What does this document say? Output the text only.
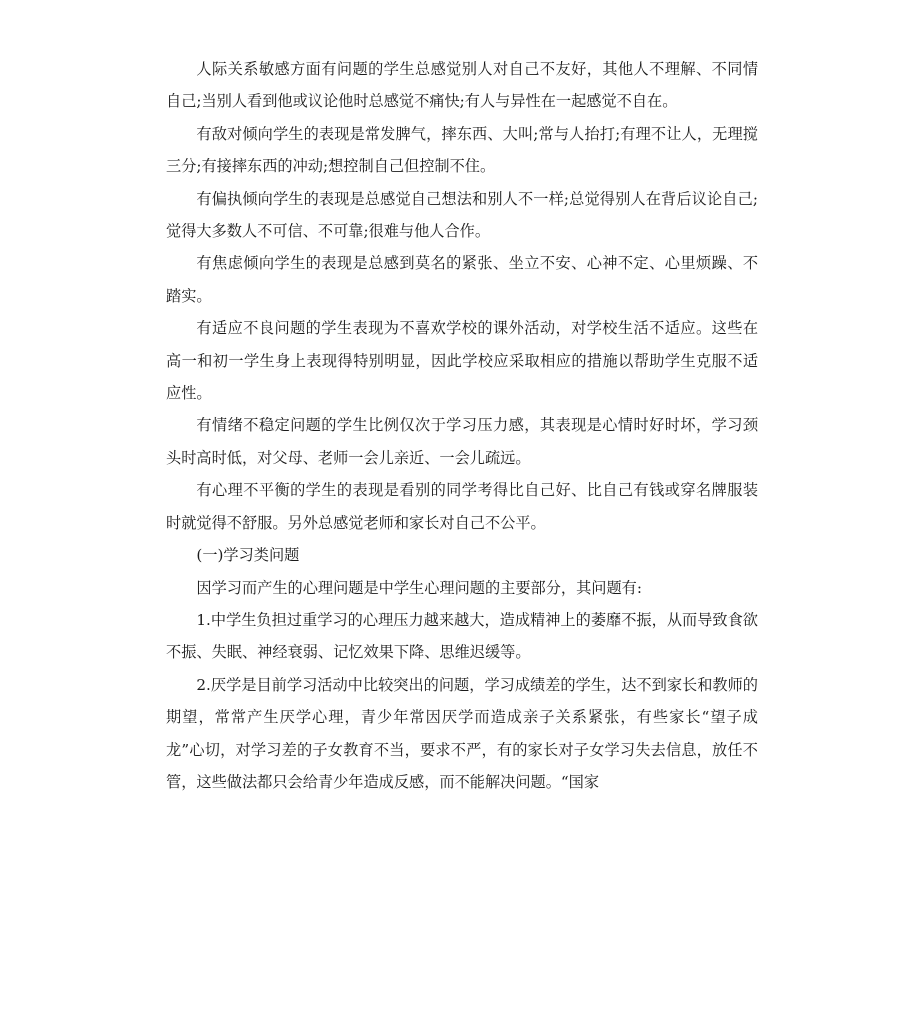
人际关系敏感方面有问题的学生总感觉别人对自己不友好，其他人不理解、不同情自己;当别人看到他或议论他时总感觉不痛快;有人与异性在一起感觉不自在。

有敌对倾向学生的表现是常发脾气，摔东西、大叫;常与人抬打;有理不让人，无理搅三分;有接摔东西的冲动;想控制自己但控制不住。

有偏执倾向学生的表现是总感觉自己想法和别人不一样;总觉得别人在背后议论自己;觉得大多数人不可信、不可靠;很难与他人合作。

有焦虑倾向学生的表现是总感到莫名的紧张、坐立不安、心神不定、心里烦躁、不踏实。

有适应不良问题的学生表现为不喜欢学校的课外活动，对学校生活不适应。这些在高一和初一学生身上表现得特别明显，因此学校应采取相应的措施以帮助学生克服不适应性。

有情绪不稳定问题的学生比例仅次于学习压力感，其表现是心情时好时坏，学习颈头时高时低，对父母、老师一会儿亲近、一会儿疏远。

有心理不平衡的学生的表现是看别的同学考得比自己好、比自己有钱或穿名牌服装时就觉得不舒服。另外总感觉老师和家长对自己不公平。

(一)学习类问题

因学习而产生的心理问题是中学生心理问题的主要部分，其问题有:

1.中学生负担过重学习的心理压力越来越大，造成精神上的萎靡不振，从而导致食欲不振、失眠、神经衰弱、记忆效果下降、思维迟缓等。

2.厌学是目前学习活动中比较突出的问题，学习成绩差的学生，达不到家长和教师的期望，常常产生厌学心理，青少年常因厌学而造成亲子关系紧张，有些家长“望子成龙”心切，对学习差的子女教育不当，要求不严，有的家长对子女学习失去信息，放任不管，这些做法都只会给青少年造成反感，而不能解决问题。“国家
